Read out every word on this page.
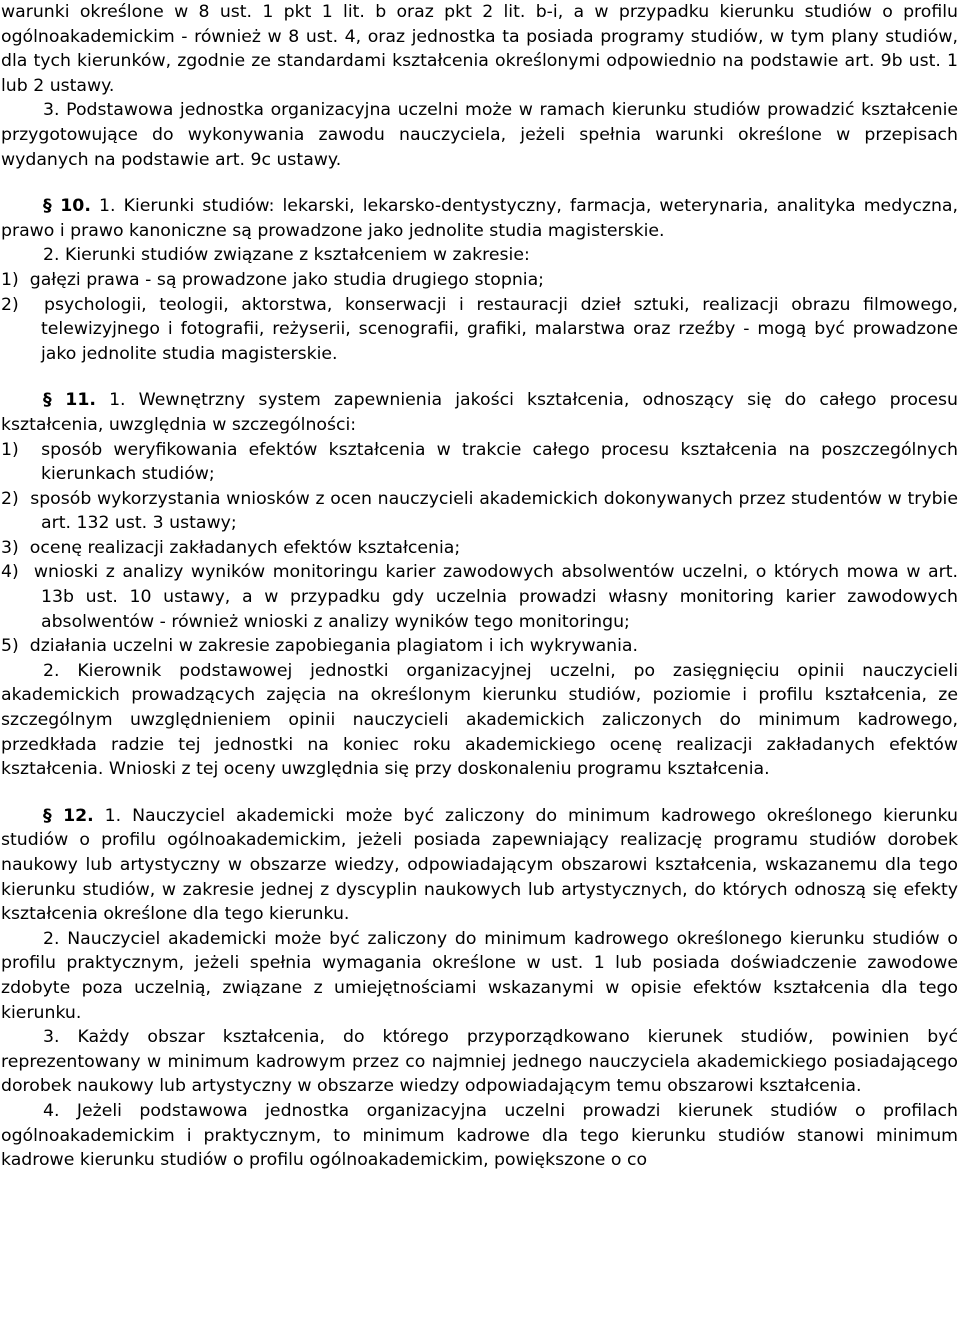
warunki określone w 8 ust. 1 pkt 1 lit. b oraz pkt 2 lit. b-i, a w przypadku kierunku studiów o profilu ogólnoakademickim - również w 8 ust. 4, oraz jednostka ta posiada programy studiów, w tym plany studiów, dla tych kierunków, zgodnie ze standardami kształcenia określonymi odpowiednio na podstawie art. 9b ust. 1 lub 2 ustawy.

3. Podstawowa jednostka organizacyjna uczelni może w ramach kierunku studiów prowadzić kształcenie przygotowujące do wykonywania zawodu nauczyciela, jeżeli spełnia warunki określone w przepisach wydanych na podstawie art. 9c ustawy.

§ 10. 1. Kierunki studiów: lekarski, lekarsko-dentystyczny, farmacja, weterynaria, analityka medyczna, prawo i prawo kanoniczne są prowadzone jako jednolite studia magisterskie.

2. Kierunki studiów związane z kształceniem w zakresie:

1) gałęzi prawa - są prowadzone jako studia drugiego stopnia;

2) psychologii, teologii, aktorstwa, konserwacji i restauracji dzieł sztuki, realizacji obrazu filmowego, telewizyjnego i fotografii, reżyserii, scenografii, grafiki, malarstwa oraz rzeźby - mogą być prowadzone jako jednolite studia magisterskie.

§ 11. 1. Wewnętrzny system zapewnienia jakości kształcenia, odnoszący się do całego procesu kształcenia, uwzględnia w szczególności:

1) sposób weryfikowania efektów kształcenia w trakcie całego procesu kształcenia na poszczególnych kierunkach studiów;

2) sposób wykorzystania wniosków z ocen nauczycieli akademickich dokonywanych przez studentów w trybie art. 132 ust. 3 ustawy;

3) ocenę realizacji zakładanych efektów kształcenia;

4) wnioski z analizy wyników monitoringu karier zawodowych absolwentów uczelni, o których mowa w art. 13b ust. 10 ustawy, a w przypadku gdy uczelnia prowadzi własny monitoring karier zawodowych absolwentów - również wnioski z analizy wyników tego monitoringu;

5) działania uczelni w zakresie zapobiegania plagiatom i ich wykrywania.

2. Kierownik podstawowej jednostki organizacyjnej uczelni, po zasięgnięciu opinii nauczycieli akademickich prowadzących zajęcia na określonym kierunku studiów, poziomie i profilu kształcenia, ze szczególnym uwzględnieniem opinii nauczycieli akademickich zaliczonych do minimum kadrowego, przedkłada radzie tej jednostki na koniec roku akademickiego ocenę realizacji zakładanych efektów kształcenia. Wnioski z tej oceny uwzględnia się przy doskonaleniu programu kształcenia.

§ 12. 1. Nauczyciel akademicki może być zaliczony do minimum kadrowego określonego kierunku studiów o profilu ogólnoakademickim, jeżeli posiada zapewniający realizację programu studiów dorobek naukowy lub artystyczny w obszarze wiedzy, odpowiadającym obszarowi kształcenia, wskazanemu dla tego kierunku studiów, w zakresie jednej z dyscyplin naukowych lub artystycznych, do których odnoszą się efekty kształcenia określone dla tego kierunku.

2. Nauczyciel akademicki może być zaliczony do minimum kadrowego określonego kierunku studiów o profilu praktycznym, jeżeli spełnia wymagania określone w ust. 1 lub posiada doświadczenie zawodowe zdobyte poza uczelnią, związane z umiejętnościami wskazanymi w opisie efektów kształcenia dla tego kierunku.

3. Każdy obszar kształcenia, do którego przyporządkowano kierunek studiów, powinien być reprezentowany w minimum kadrowym przez co najmniej jednego nauczyciela akademickiego posiadającego dorobek naukowy lub artystyczny w obszarze wiedzy odpowiadającym temu obszarowi kształcenia.

4. Jeżeli podstawowa jednostka organizacyjna uczelni prowadzi kierunek studiów o profilach ogólnoakademickim i praktycznym, to minimum kadrowe dla tego kierunku studiów stanowi minimum kadrowe kierunku studiów o profilu ogólnoakademickim, powiększone o co
